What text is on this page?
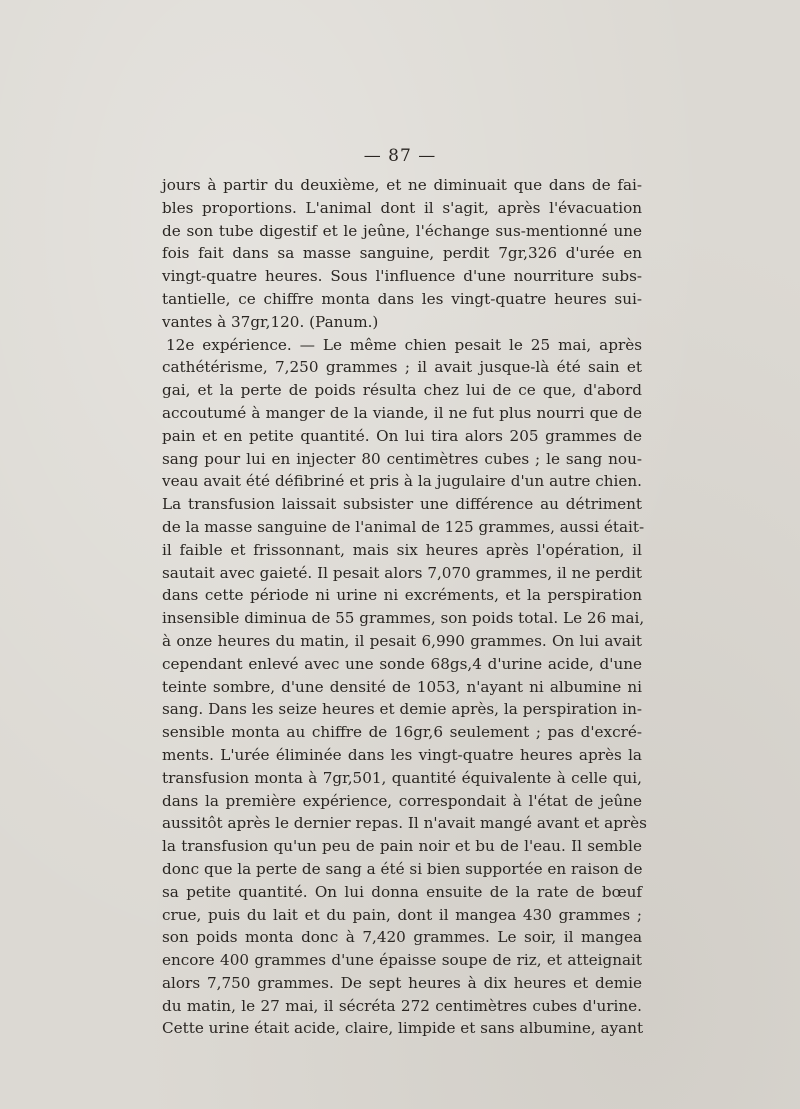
— 87 —
jours à partir du deuxième, et ne diminuait que dans de fai-
bles proportions. L'animal dont il s'agit, après l'évacuation
de son tube digestif et le jeûne, l'échange sus-mentionné une
fois fait dans sa masse sanguine, perdit 7gr,326 d'urée en
vingt-quatre heures. Sous l'influence d'une nourriture subs-
tantielle, ce chiffre monta dans les vingt-quatre heures sui-
vantes à 37gr,120. (Panum.)
12e expérience. — Le même chien pesait le 25 mai, après
cathétérisme, 7,250 grammes ; il avait jusque-là été sain et
gai, et la perte de poids résulta chez lui de ce que, d'abord
accoutumé à manger de la viande, il ne fut plus nourri que de
pain et en petite quantité. On lui tira alors 205 grammes de
sang pour lui en injecter 80 centimètres cubes ; le sang nou-
veau avait été défibriné et pris à la jugulaire d'un autre chien.
La transfusion laissait subsister une différence au détriment
de la masse sanguine de l'animal de 125 grammes, aussi était-
il faible et frissonnant, mais six heures après l'opération, il
sautait avec gaieté. Il pesait alors 7,070 grammes, il ne perdit
dans cette période ni urine ni excréments, et la perspiration
insensible diminua de 55 grammes, son poids total. Le 26 mai,
à onze heures du matin, il pesait 6,990 grammes. On lui avait
cependant enlevé avec une sonde 68gs,4 d'urine acide, d'une
teinte sombre, d'une densité de 1053, n'ayant ni albumine ni
sang. Dans les seize heures et demie après, la perspiration in-
sensible monta au chiffre de 16gr,6 seulement ; pas d'excré-
ments. L'urée éliminée dans les vingt-quatre heures après la
transfusion monta à 7gr,501, quantité équivalente à celle qui,
dans la première expérience, correspondait à l'état de jeûne
aussitôt après le dernier repas. Il n'avait mangé avant et après
la transfusion qu'un peu de pain noir et bu de l'eau. Il semble
donc que la perte de sang a été si bien supportée en raison de
sa petite quantité. On lui donna ensuite de la rate de bœuf
crue, puis du lait et du pain, dont il mangea 430 grammes ;
son poids monta donc à 7,420 grammes. Le soir, il mangea
encore 400 grammes d'une épaisse soupe de riz, et atteignait
alors 7,750 grammes. De sept heures à dix heures et demie
du matin, le 27 mai, il sécréta 272 centimètres cubes d'urine.
Cette urine était acide, claire, limpide et sans albumine, ayant
